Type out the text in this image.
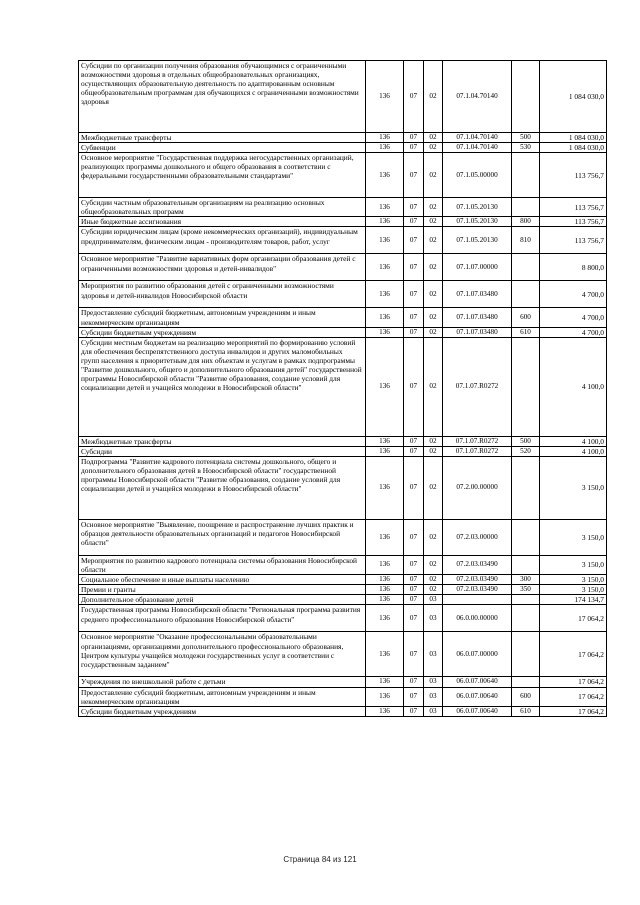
Субсидии по организации получения образования обучающимися с ограниченными возможностями здоровья в отдельных общеобразовательных организациях, осуществляющих образовательную деятельность по адаптированным основным общеобразовательным программам для обучающихся с ограниченными возможностями здоровья	136	07	02	07.1.04.70140		1 084 030,0
Межбюджетные трансферты	136	07	02	07.1.04.70140	500	1 084 030,0
Субвенции	136	07	02	07.1.04.70140	530	1 084 030,0
Основное мероприятие "Государственная поддержка негосударственных организаций, реализующих программы дошкольного и общего образования в соответствии с федеральными государственными образовательными стандартами"	136	07	02	07.1.05.00000		113 756,7
Субсидии частным образовательным организациям на реализацию основных общеобразовательных программ	136	07	02	07.1.05.20130		113 756,7
Иные бюджетные ассигнования	136	07	02	07.1.05.20130	800	113 756,7
Субсидии юридическим лицам (кроме некоммерческих организаций), индивидуальным предпринимателям, физическим лицам - производителям товаров, работ, услуг	136	07	02	07.1.05.20130	810	113 756,7
Основное мероприятие "Развитие вариативных форм организации образования детей с ограниченными возможностями здоровья и детей-инвалидов"	136	07	02	07.1.07.00000		8 800,0
Мероприятия по развитию образования детей с ограниченными возможностями здоровья и детей-инвалидов Новосибирской области	136	07	02	07.1.07.03480		4 700,0
Предоставление субсидий бюджетным, автономным учреждениям и иным некоммерческим организациям	136	07	02	07.1.07.03480	600	4 700,0
Субсидии бюджетным учреждениям	136	07	02	07.1.07.03480	610	4 700,0
Субсидии местным бюджетам на реализацию мероприятий по формированию условий для обеспечения беспрепятственного доступа инвалидов и других маломобильных групп населения к приоритетным для них объектам и услугам в рамках подпрограммы "Развитие дошкольного, общего и дополнительного образования детей" государственной программы Новосибирской области "Развитие образования, создание условий для социализации детей и учащейся молодежи в Новосибирской области"	136	07	02	07.1.07.R0272		4 100,0
Межбюджетные трансферты	136	07	02	07.1.07.R0272	500	4 100,0
Субсидии	136	07	02	07.1.07.R0272	520	4 100,0
Подпрограмма "Развитие кадрового потенциала системы дошкольного, общего и дополнительного образования детей в Новосибирской области" государственной программы Новосибирской области "Развитие образования, создание условий для социализации детей и учащейся молодежи в Новосибирской области"	136	07	02	07.2.00.00000		3 150,0
Основное мероприятие "Выявление, поощрение и распространение лучших практик и образцов деятельности образовательных организаций и педагогов Новосибирской области"	136	07	02	07.2.03.00000		3 150,0
Мероприятия по развитию кадрового потенциала системы образования Новосибирской области	136	07	02	07.2.03.03490		3 150,0
Социальное обеспечение и иные выплаты населению	136	07	02	07.2.03.03490	300	3 150,0
Премии и гранты	136	07	02	07.2.03.03490	350	3 150,0
Дополнительное образование детей	136	07	03			174 134,7
Государственная программа Новосибирской области "Региональная программа развития среднего профессионального образования Новосибирской области"	136	07	03	06.0.00.00000		17 064,2
Основное мероприятие "Оказание профессиональными образовательными организациями, организациями дополнительного профессионального образования, Центром культуры учащейся молодежи государственных услуг в соответствии с государственным заданием"	136	07	03	06.0.07.00000		17 064,2
Учреждения по внешкольной работе с детьми	136	07	03	06.0.07.00640		17 064,2
Предоставление субсидий бюджетным, автономным учреждениям и иным некоммерческим организациям	136	07	03	06.0.07.00640	600	17 064,2
Субсидии бюджетным учреждениям	136	07	03	06.0.07.00640	610	17 064,2
Страница 84 из 121
